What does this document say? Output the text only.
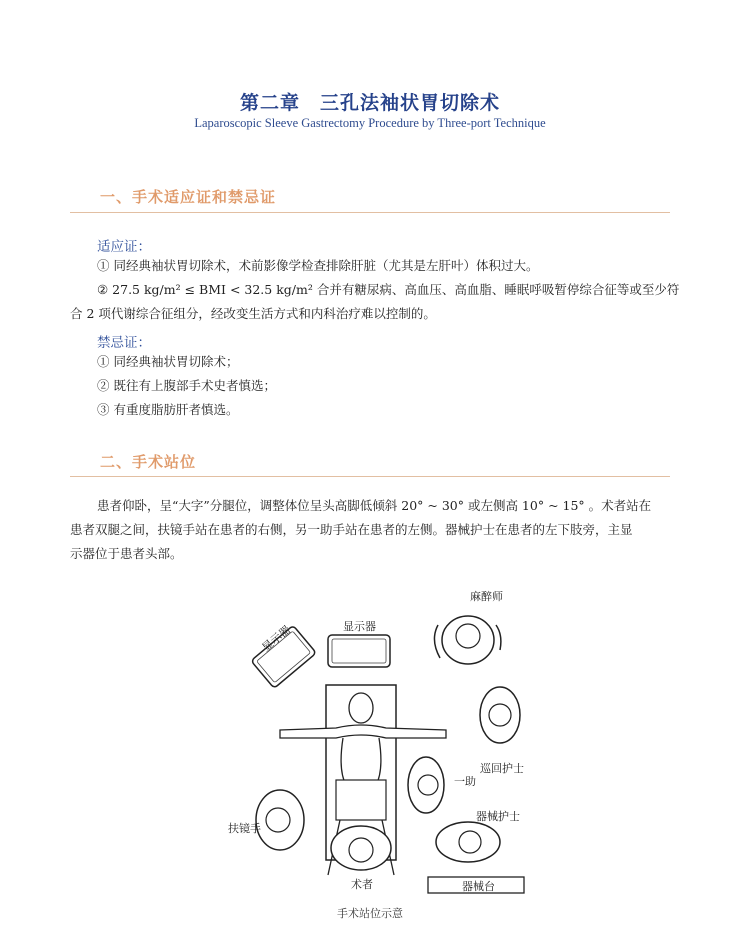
第二章　三孔法袖状胃切除术
Laparoscopic Sleeve Gastrectomy Procedure by Three-port Technique
一、手术适应证和禁忌证
适应证：
① 同经典袖状胃切除术，术前影像学检查排除肝脏（尤其是左肝叶）体积过大。
② 27.5 kg/m² ≤ BMI < 32.5 kg/m² 合并有糖尿病、高血压、高血脂、睡眠呼吸暂停综合征等或至少符
合 2 项代谢综合征组分，经改变生活方式和内科治疗难以控制的。
禁忌证：
① 同经典袖状胃切除术；
② 既往有上腹部手术史者慎选；
③ 有重度脂肪肝者慎选。
二、手术站位
患者仰卧，呈“大字”分腿位，调整体位呈头高脚低倾斜 20° ~ 30° 或左侧高 10° ~ 15° 。术者站在
患者双腿之间，扶镜手站在患者的右侧，另一助手站在患者的左侧。器械护士在患者的左下肢旁，主显
示器位于患者头部。
显示器	显示器
麻醉师
巡回护士
一助
器械护士
扶镜手
术者	器械台
手术站位示意
